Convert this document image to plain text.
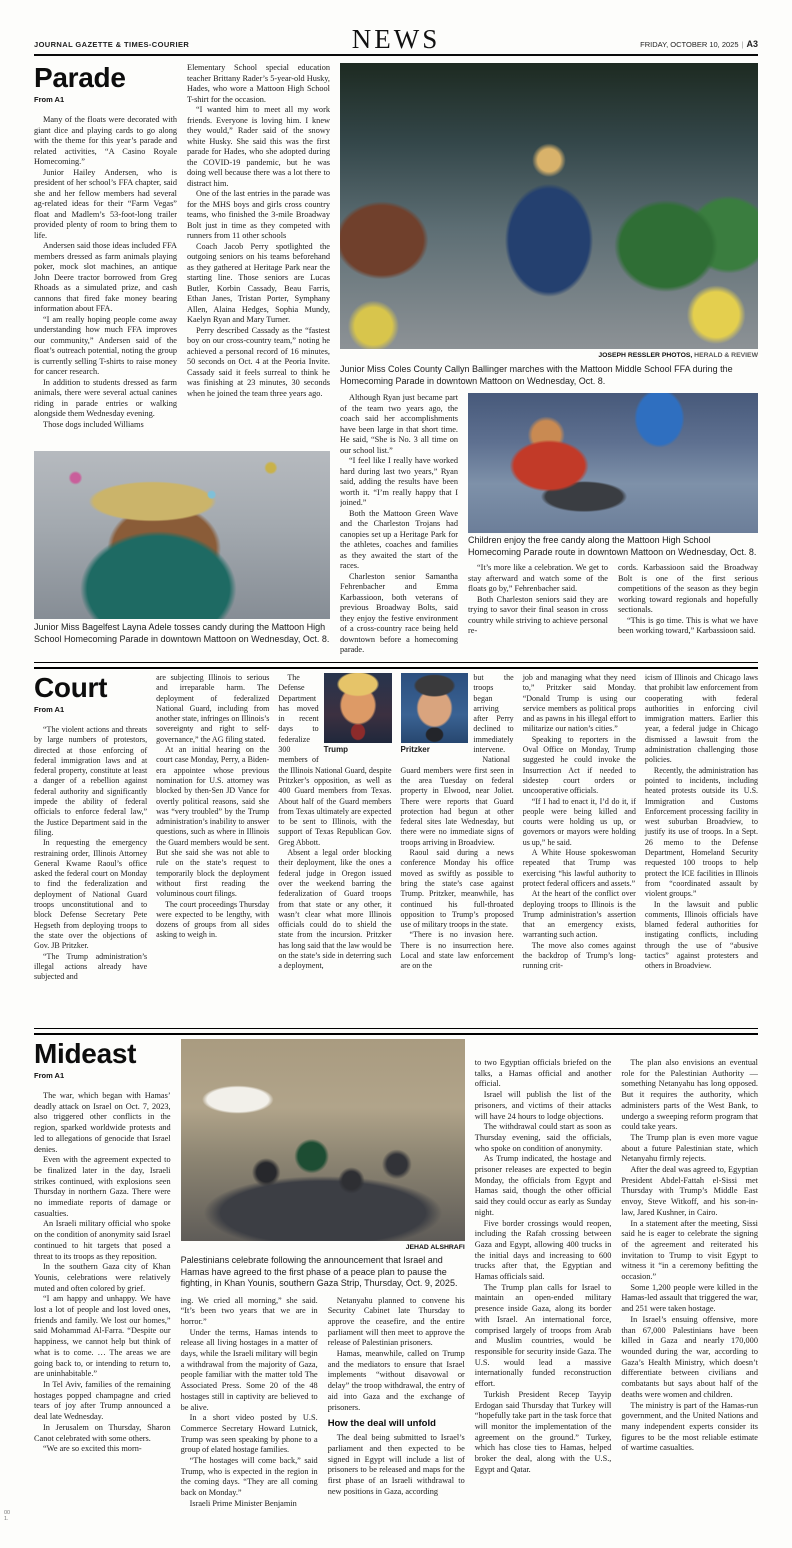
JOURNAL GAZETTE & TIMES-COURIER	NEWS	FRIDAY, OCTOBER 10, 2025 | A3
Parade
From A1

Many of the floats were decorated with giant dice and playing cards to go along with the theme for this year’s parade and related activities, “A Casino Royale Homecoming.”

Junior Hailey Andersen, who is president of her school’s FFA chapter, said she and her fellow members had several ag-related ideas for their “Farm Vegas” float and Madlem’s 53-foot-long trailer provided plenty of room to bring them to life.

Andersen said those ideas included FFA members dressed as farm animals playing poker, mock slot machines, an antique John Deere tractor borrowed from Greg Rhoads as a simulated prize, and cash cannons that fired fake money bearing information about FFA.

“I am really hoping people come away understanding how much FFA improves our community,” Andersen said of the float’s outreach potential, noting the group is currently selling T-shirts to raise money for cancer research.

In addition to students dressed as farm animals, there were several actual canines riding in parade entries or walking alongside them Wednesday evening.

Those dogs included Williams

Elementary School special education teacher Brittany Rader’s 5-year-old Husky, Hades, who wore a Mattoon High School T-shirt for the occasion.

“I wanted him to meet all my work friends. Everyone is loving him. I knew they would,” Rader said of the snowy white Husky. She said this was the first parade for Hades, who she adopted during the COVID-19 pandemic, but he was doing well because there was a lot there to distract him.

One of the last entries in the parade was for the MHS boys and girls cross country teams, who finished the 3-mile Broadway Bolt just in time as they competed with runners from 11 other schools

Coach Jacob Perry spotlighted the outgoing seniors on his teams beforehand as they gathered at Heritage Park near the starting line. Those seniors are Lucas Butler, Korbin Cassady, Beau Farris, Ethan Janes, Tristan Porter, Symphany Allen, Alaina Hedges, Sophia Mundy, Kaelyn Ryan and Mary Turner.

Perry described Cassady as the “fastest boy on our cross-country team,” noting he achieved a personal record of 16 minutes, 50 seconds on Oct. 4 at the Peoria Invite. Cassady said it feels surreal to think he was finishing at 23 minutes, 30 seconds when he joined the team three years ago.

Junior Miss Bagelfest Layna Adele tosses candy during the Mattoon High School Homecoming Parade in downtown Mattoon on Wednesday, Oct. 8.
JOSEPH RESSLER PHOTOS, HERALD & REVIEW

Junior Miss Coles County Callyn Ballinger marches with the Mattoon Middle School FFA during the Homecoming Parade in downtown Mattoon on Wednesday, Oct. 8.

Although Ryan just became part of the team two years ago, the coach said her accomplishments have been large in that short time. He said, “She is No. 3 all time on our school list.”

“I feel like I really have worked hard during last two years,” Ryan said, adding the results have been worth it. “I’m really happy that I joined.”

Both the Mattoon Green Wave and the Charleston Trojans had canopies set up a Heritage Park for the athletes, coaches and families as they awaited the start of the races.

Charleston senior Samantha Fehrenbacher and Emma Karbassioon, both veterans of previous Broadway Bolts, said they enjoy the festive environment of a cross-country race being held downtown before a homecoming parade.

Children enjoy the free candy along the Mattoon High School Homecoming Parade route in downtown Mattoon on Wednesday, Oct. 8.

“It’s more like a celebration. We get to stay afterward and watch some of the floats go by,” Fehrenbacher said.

Both Charleston seniors said they are trying to savor their final season in cross country while striving to achieve personal re-

cords. Karbassioon said the Broadway Bolt is one of the first serious competitions of the season as they begin working toward regionals and hopefully sectionals.

“This is go time. This is what we have been working toward,” Karbassioon said.

Court
From A1

“The violent actions and threats by large numbers of protestors, directed at those enforcing of federal immigration laws and at federal property, constitute at least a danger of a rebellion against federal authority and significantly impede the ability of federal officials to enforce federal law,” the Justice Department said in the filing.

In requesting the emergency restraining order, Illinois Attorney General Kwame Raoul’s office asked the federal court on Monday to find the federalization and deployment of National Guard troops unconstitutional and to block Defense Secretary Pete Hegseth from deploying troops to the state over the objections of Gov. JB Pritzker.

“The Trump administration’s illegal actions already have subjected and

are subjecting Illinois to serious and irreparable harm. The deployment of federalized National Guard, including from another state, infringes on Illinois’s sovereignty and right to self-governance,” the AG filing stated.

At an initial hearing on the court case Monday, Perry, a Biden-era appointee whose previous nomination for U.S. attorney was blocked by then-Sen JD Vance for overtly political reasons, said she was “very troubled” by the Trump administration’s inability to answer questions, such as where in Illinois the Guard members would be sent. But she said she was not able to rule on the state’s request to temporarily block the deployment without first reading the voluminous court filings.

The court proceedings Thursday were expected to be lengthy, with dozens of groups from all sides asking to weigh in.

Trump

The Defense Department has moved in recent days to federalize 300 members of the Illinois National Guard, despite Pritzker’s opposition, as well as 400 Guard members from Texas. About half of the Guard members from Texas ultimately are expected to be sent to Illinois, with the support of Texas Republican Gov. Greg Abbott.

Absent a legal order blocking their deployment, like the ones a federal judge in Oregon issued over the weekend barring the federalization of Guard troops from that state or any other, it wasn’t clear what more Illinois officials could do to shield the state from the incursion. Pritzker has long said that the law would be on the state’s side in deterring such a deployment,

Pritzker

but the troops began arriving after Perry declined to immediately intervene.

National Guard members were first seen in the area Tuesday on federal property in Elwood, near Joliet. There were reports that Guard protection had begun at other federal sites late Wednesday, but there were no immediate signs of troops arriving in Broadview.

Raoul said during a news conference Monday his office moved as swiftly as possible to bring the state’s case against Trump. Pritzker, meanwhile, has continued his full-throated opposition to Trump’s proposed use of military troops in the state.

“There is no invasion here. There is no insurrection here. Local and state law enforcement are on the

job and managing what they need to,” Pritzker said Monday. “Donald Trump is using our service members as political props and as pawns in his illegal effort to militarize our nation’s cities.”

Speaking to reporters in the Oval Office on Monday, Trump suggested he could invoke the Insurrection Act if needed to sidestep court orders or uncooperative officials.

“If I had to enact it, I’d do it, if people were being killed and courts were holding us up, or governors or mayors were holding us up,” he said.

A White House spokeswoman repeated that Trump was exercising “his lawful authority to protect federal officers and assets.”

At the heart of the conflict over deploying troops to Illinois is the Trump administration’s assertion that an emergency exists, warranting such action.

The move also comes against the backdrop of Trump’s long-running crit-

icism of Illinois and Chicago laws that prohibit law enforcement from cooperating with federal authorities in enforcing civil immigration matters. Earlier this year, a federal judge in Chicago dismissed a lawsuit from the administration challenging those policies.

Recently, the administration has pointed to incidents, including heated protests outside its U.S. Immigration and Customs Enforcement processing facility in west suburban Broadview, to justify its use of troops. In a Sept. 26 memo to the Defense Department, Homeland Security requested 100 troops to help protect the ICE facilities in Illinois from “coordinated assault by violent groups.”

In the lawsuit and public comments, Illinois officials have blamed federal authorities for instigating conflicts, including through the use of “abusive tactics” against protesters and others in Broadview.

Mideast
From A1

The war, which began with Hamas’ deadly attack on Israel on Oct. 7, 2023, also triggered other conflicts in the region, sparked worldwide protests and led to allegations of genocide that Israel denies.

Even with the agreement expected to be finalized later in the day, Israeli strikes continued, with explosions seen Thursday in northern Gaza. There were no immediate reports of damage or casualties.

An Israeli military official who spoke on the condition of anonymity said Israel continued to hit targets that posed a threat to its troops as they reposition.

In the southern Gaza city of Khan Younis, celebrations were relatively muted and often colored by grief.

“I am happy and unhappy. We have lost a lot of people and lost loved ones, friends and family. We lost our homes,” said Mohammad Al-Farra. “Despite our happiness, we cannot help but think of what is to come. … The areas we are going back to, or intending to return to, are uninhabitable.”

In Tel Aviv, families of the remaining hostages popped champagne and cried tears of joy after Trump announced a deal late Wednesday.

In Jerusalem on Thursday, Sharon Canot celebrated with some others.

“We are so excited this morn-

JEHAD ALSHRAFI

Palestinians celebrate following the announcement that Israel and Hamas have agreed to the first phase of a peace plan to pause the fighting, in Khan Younis, southern Gaza Strip, Thursday, Oct. 9, 2025.

ing. We cried all morning,” she said. “It’s been two years that we are in horror.”

Under the terms, Hamas intends to release all living hostages in a matter of days, while the Israeli military will begin a withdrawal from the majority of Gaza, people familiar with the matter told The Associated Press. Some 20 of the 48 hostages still in captivity are believed to be alive.

In a short video posted by U.S. Commerce Secretary Howard Lutnick, Trump was seen speaking by phone to a group of elated hostage families.

“The hostages will come back,” said Trump, who is expected in the region in the coming days. “They are all coming back on Monday.”

Israeli Prime Minister Benjamin

Netanyahu planned to convene his Security Cabinet late Thursday to approve the ceasefire, and the entire parliament will then meet to approve the release of Palestinian prisoners.

Hamas, meanwhile, called on Trump and the mediators to ensure that Israel implements “without disavowal or delay” the troop withdrawal, the entry of aid into Gaza and the exchange of prisoners.

How the deal will unfold

The deal being submitted to Israel’s parliament and then expected to be signed in Egypt will include a list of prisoners to be released and maps for the first phase of an Israeli withdrawal to new positions in Gaza, according

to two Egyptian officials briefed on the talks, a Hamas official and another official.

Israel will publish the list of the prisoners, and victims of their attacks will have 24 hours to lodge objections.

The withdrawal could start as soon as Thursday evening, said the officials, who spoke on condition of anonymity.

As Trump indicated, the hostage and prisoner releases are expected to begin Monday, the officials from Egypt and Hamas said, though the other official said they could occur as early as Sunday night.

Five border crossings would reopen, including the Rafah crossing between Gaza and Egypt, allowing 400 trucks in the initial days and increasing to 600 trucks after that, the Egyptian and Hamas officials said.

The Trump plan calls for Israel to maintain an open-ended military presence inside Gaza, along its border with Israel. An international force, comprised largely of troops from Arab and Muslim countries, would be responsible for security inside Gaza. The U.S. would lead a massive internationally funded reconstruction effort.

Turkish President Recep Tayyip Erdogan said Thursday that Turkey will “hopefully take part in the task force that will monitor the implementation of the agreement on the ground.” Turkey, which has close ties to Hamas, helped broker the deal, along with the U.S., Egypt and Qatar.

The plan also envisions an eventual role for the Palestinian Authority — something Netanyahu has long opposed. But it requires the authority, which administers parts of the West Bank, to undergo a sweeping reform program that could take years.

The Trump plan is even more vague about a future Palestinian state, which Netanyahu firmly rejects.

After the deal was agreed to, Egyptian President Abdel-Fattah el-Sissi met Thursday with Trump’s Middle East envoy, Steve Witkoff, and his son-in-law, Jared Kushner, in Cairo.

In a statement after the meeting, Sissi said he is eager to celebrate the signing of the agreement and reiterated his invitation to Trump to visit Egypt to witness it “in a ceremony befitting the occasion.”

Some 1,200 people were killed in the Hamas-led assault that triggered the war, and 251 were taken hostage.

In Israel’s ensuing offensive, more than 67,000 Palestinians have been killed in Gaza and nearly 170,000 wounded during the war, according to Gaza’s Health Ministry, which doesn’t differentiate between civilians and combatants but says about half of the deaths were women and children.

The ministry is part of the Hamas-run government, and the United Nations and many independent experts consider its figures to be the most reliable estimate of wartime casualties.

00
1.
